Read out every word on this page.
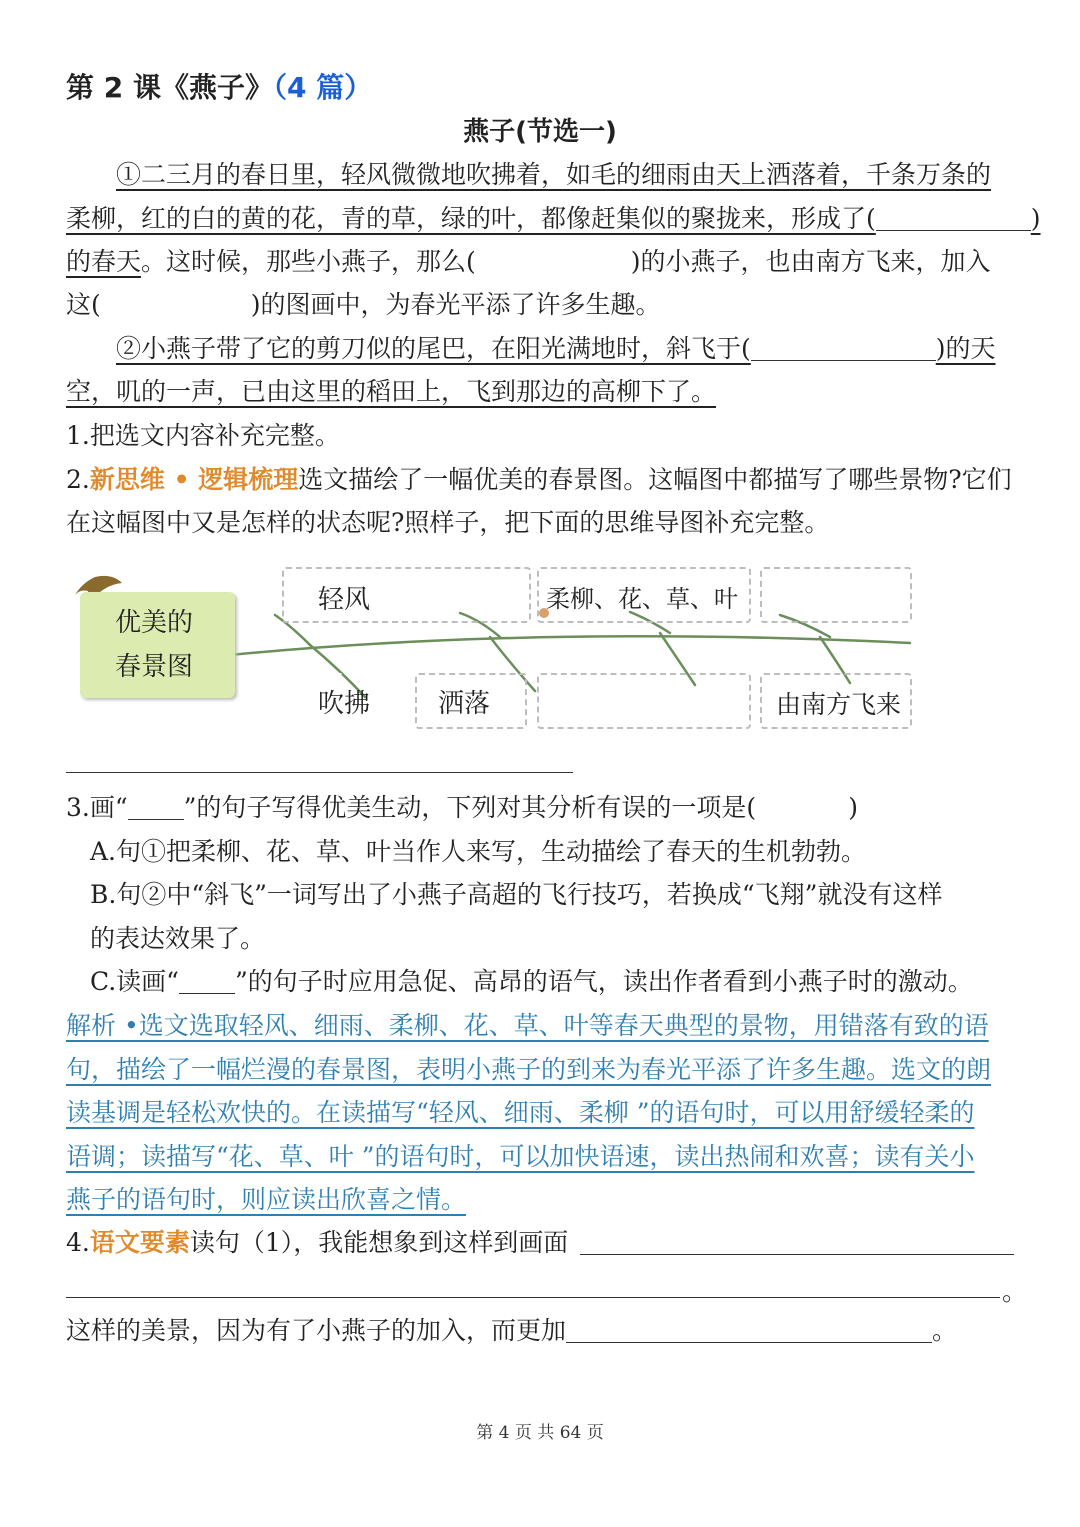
第 2 课《燕子》（4 篇）
燕子(节选一)
①二三月的春日里，轻风微微地吹拂着，如毛的细雨由天上洒落着，千条万条的
柔柳，红的白的黄的花，青的草，绿的叶，都像赶集似的聚拢来，形成了(	)
的春天。这时候，那些小燕子，那么(	)的小燕子，也由南方飞来，加入
这(	)的图画中，为春光平添了许多生趣。
②小燕子带了它的剪刀似的尾巴，在阳光满地时，斜飞于(	)的天
空，叽的一声，已由这里的稻田上，飞到那边的高柳下了。
1.把选文内容补充完整。
2.新思维 • 逻辑梳理选文描绘了一幅优美的春景图。这幅图中都描写了哪些景物?它们
在这幅图中又是怎样的状态呢?照样子，把下面的思维导图补充完整。
优美的
春景图
轻风	柔柳、花、草、叶
吹拂	洒落	由南方飞来
3.画“ ”的句子写得优美生动，下列对其分析有误的一项是(	)
A.句①把柔柳、花、草、叶当作人来写，生动描绘了春天的生机勃勃。
B.句②中“斜飞”一词写出了小燕子高超的飞行技巧，若换成“飞翔”就没有这样
的表达效果了。
C.读画“ ”的句子时应用急促、高昂的语气，读出作者看到小燕子时的激动。
解析 •选文选取轻风、细雨、柔柳、花、草、叶等春天典型的景物，用错落有致的语
句，描绘了一幅烂漫的春景图，表明小燕子的到来为春光平添了许多生趣。选文的朗
读基调是轻松欢快的。在读描写“轻风、细雨、柔柳 ”的语句时，可以用舒缓轻柔的
语调；读描写“花、草、叶 ”的语句时，可以加快语速，读出热闹和欢喜；读有关小
燕子的语句时，则应读出欣喜之情。
4.语文要素读句（1），我能想象到这样到画面
。
这样的美景，因为有了小燕子的加入，而更加	。
第 4 页 共 64 页
